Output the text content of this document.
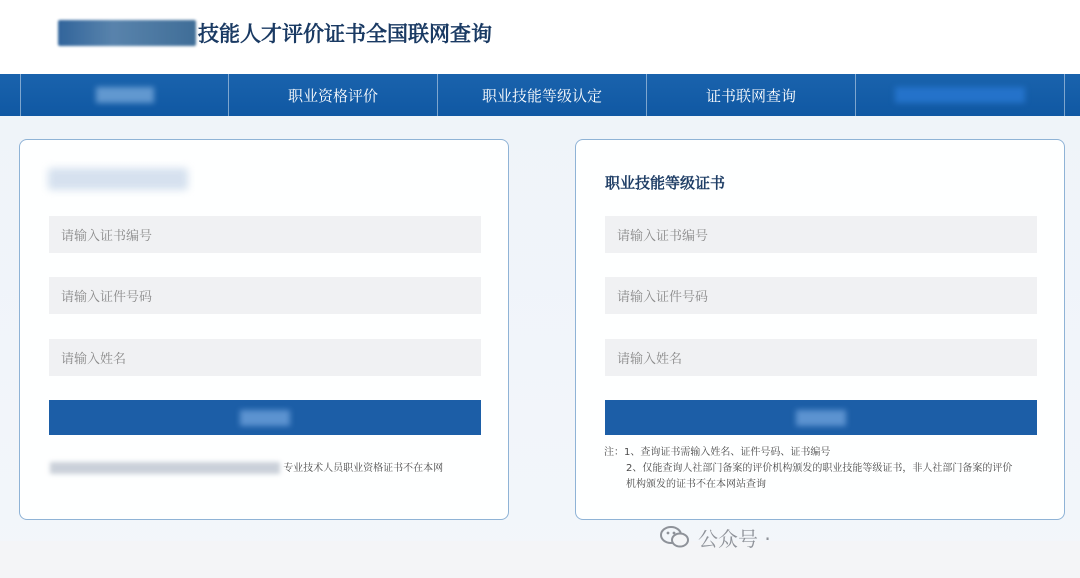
技能人才评价证书全国联网查询
职业资格评价	职业技能等级认定	证书联网查询
请输入证书编号
请输入证件号码
请输入姓名
专业技术人员职业资格证书不在本网
职业技能等级证书
请输入证书编号
请输入证件号码
请输入姓名
注：1、查询证书需输入姓名、证件号码、证书编号
2、仅能查询人社部门备案的评价机构颁发的职业技能等级证书，非人社部门备案的评价
机构颁发的证书不在本网站查询
公众号 ·
